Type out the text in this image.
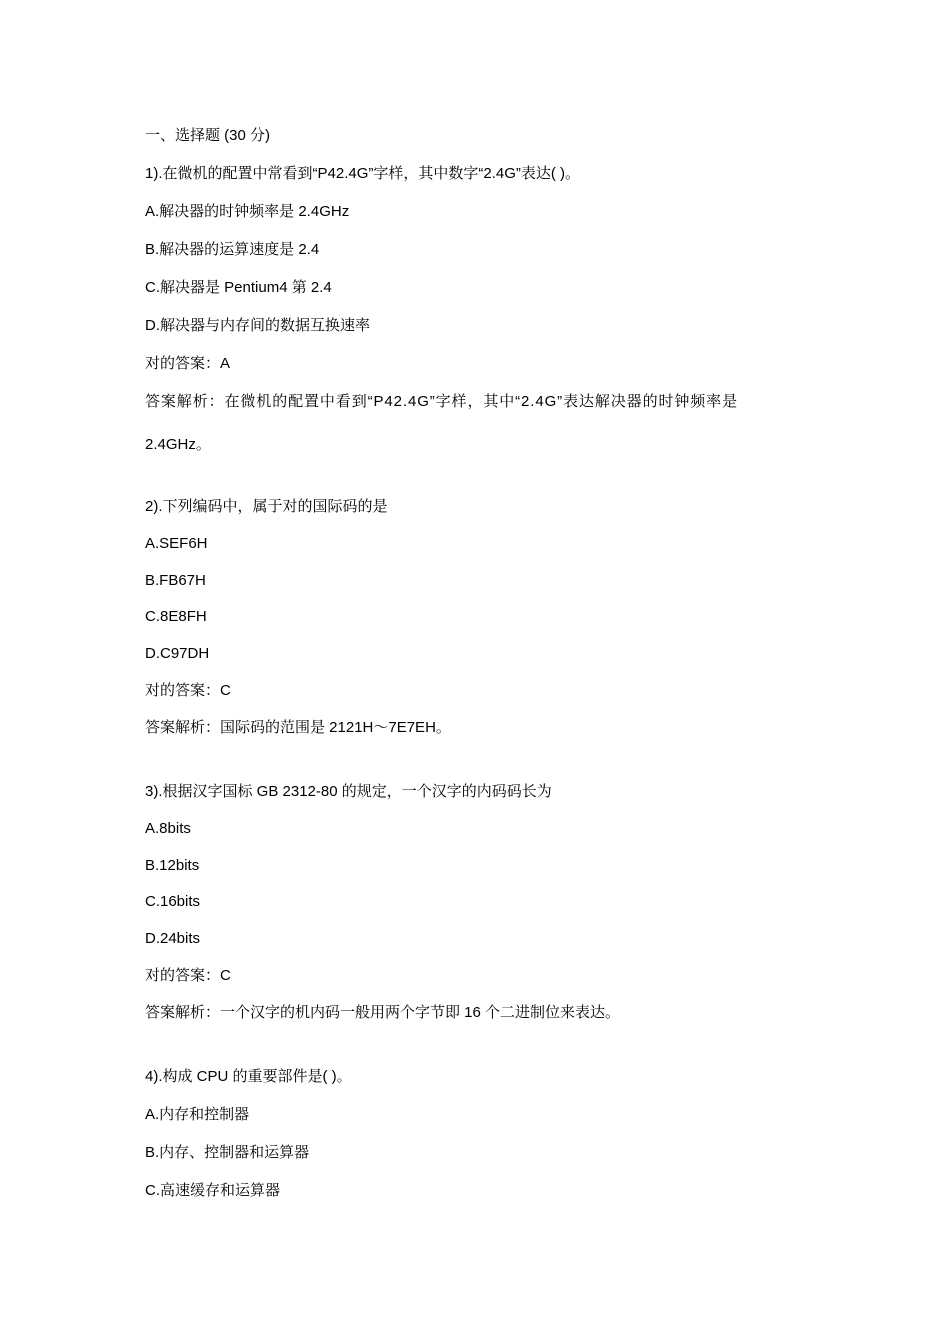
一、选择题 (30 分)
1).在微机的配置中常看到“P42.4G”字样，其中数字“2.4G”表达( )。
A.解决器的时钟频率是 2.4GHz
B.解决器的运算速度是 2.4
C.解决器是 Pentium4 第 2.4
D.解决器与内存间的数据互换速率
对的答案：A
答案解析：在微机的配置中看到“P42.4G”字样，其中“2.4G”表达解决器的时钟频率是
2.4GHz。
2).下列编码中，属于对的国际码的是
A.SEF6H
B.FB67H
C.8E8FH
D.C97DH
对的答案：C
答案解析：国际码的范围是 2121H～7E7EH。
3).根据汉字国标 GB 2312-80 的规定，一个汉字的内码码长为
A.8bits
B.12bits
C.16bits
D.24bits
对的答案：C
答案解析：一个汉字的机内码一般用两个字节即 16 个二进制位来表达。
4).构成 CPU 的重要部件是( )。
A.内存和控制器
B.内存、控制器和运算器
C.高速缓存和运算器
